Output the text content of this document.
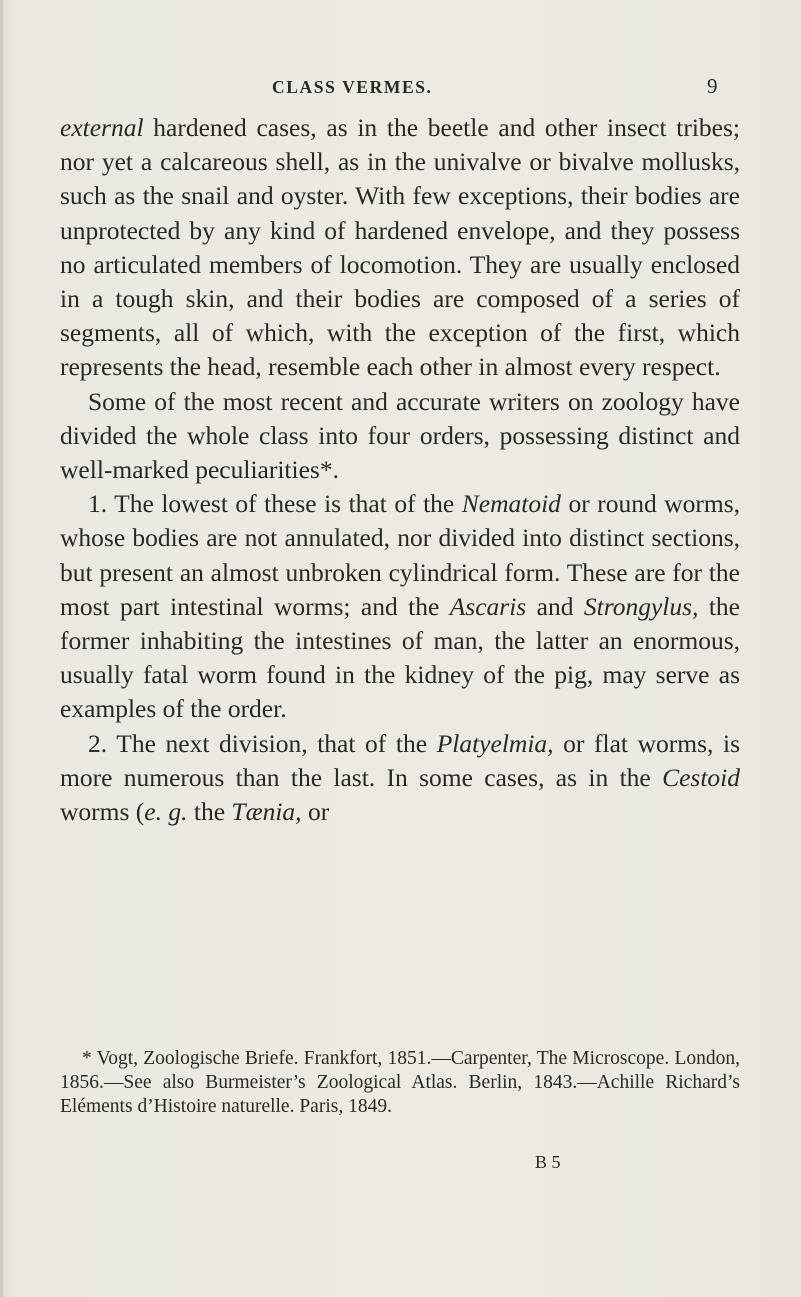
CLASS VERMES.	9

external hardened cases, as in the beetle and other insect tribes; nor yet a calcareous shell, as in the univalve or bivalve mollusks, such as the snail and oyster. With few exceptions, their bodies are unprotected by any kind of hardened envelope, and they possess no articulated members of locomotion. They are usually enclosed in a tough skin, and their bodies are composed of a series of segments, all of which, with the exception of the first, which represents the head, resemble each other in almost every respect.

Some of the most recent and accurate writers on zoology have divided the whole class into four orders, possessing distinct and well-marked peculiarities*.

1. The lowest of these is that of the Nematoid or round worms, whose bodies are not annulated, nor divided into distinct sections, but present an almost unbroken cylindrical form. These are for the most part intestinal worms; and the Ascaris and Strongylus, the former inhabiting the intestines of man, the latter an enormous, usually fatal worm found in the kidney of the pig, may serve as examples of the order.

2. The next division, that of the Platyelmia, or flat worms, is more numerous than the last. In some cases, as in the Cestoid worms (e. g. the Tænia, or

* Vogt, Zoologische Briefe. Frankfort, 1851.—Carpenter, The Microscope. London, 1856.—See also Burmeister’s Zoological Atlas. Berlin, 1843.—Achille Richard’s Eléments d’Histoire naturelle. Paris, 1849.

B 5
